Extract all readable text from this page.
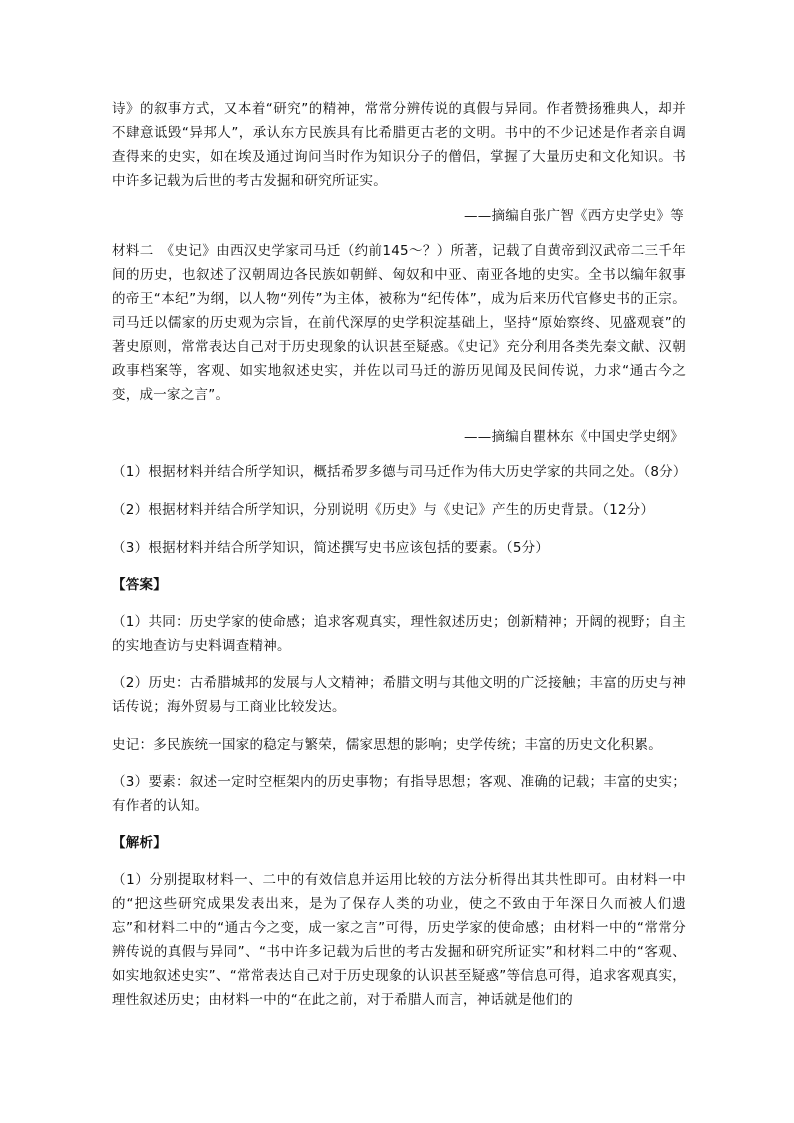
诗》的叙事方式，又本着“研究”的精神，常常分辨传说的真假与异同。作者赞扬雅典人，却并不肆意诋毁“异邦人”，承认东方民族具有比希腊更古老的文明。书中的不少记述是作者亲自调查得来的史实，如在埃及通过询问当时作为知识分子的僧侣，掌握了大量历史和文化知识。书中许多记载为后世的考古发掘和研究所证实。

——摘编自张广智《西方史学史》等

材料二　《史记》由西汉史学家司马迁（约前145～？）所著，记载了自黄帝到汉武帝二三千年间的历史，也叙述了汉朝周边各民族如朝鲜、匈奴和中亚、南亚各地的史实。全书以编年叙事的帝王“本纪”为纲，以人物“列传”为主体，被称为“纪传体”，成为后来历代官修史书的正宗。司马迁以儒家的历史观为宗旨，在前代深厚的史学积淀基础上，坚持“原始察终、见盛观衰”的著史原则，常常表达自己对于历史现象的认识甚至疑惑。《史记》充分利用各类先秦文献、汉朝政事档案等，客观、如实地叙述史实，并佐以司马迁的游历见闻及民间传说，力求“通古今之变，成一家之言”。

——摘编自瞿林东《中国史学史纲》

（1）根据材料并结合所学知识，概括希罗多德与司马迁作为伟大历史学家的共同之处。（8分）

（2）根据材料并结合所学知识，分别说明《历史》与《史记》产生的历史背景。（12分）

（3）根据材料并结合所学知识，简述撰写史书应该包括的要素。（5分）

【答案】

（1）共同：历史学家的使命感；追求客观真实，理性叙述历史；创新精神；开阔的视野；自主的实地查访与史料调查精神。

（2）历史：古希腊城邦的发展与人文精神；希腊文明与其他文明的广泛接触；丰富的历史与神话传说；海外贸易与工商业比较发达。

史记：多民族统一国家的稳定与繁荣，儒家思想的影响；史学传统；丰富的历史文化积累。

（3）要素：叙述一定时空框架内的历史事物；有指导思想；客观、准确的记载；丰富的史实；有作者的认知。

【解析】

（1）分别提取材料一、二中的有效信息并运用比较的方法分析得出其共性即可。由材料一中的“把这些研究成果发表出来，是为了保存人类的功业，使之不致由于年深日久而被人们遗忘”和材料二中的“通古今之变，成一家之言”可得，历史学家的使命感；由材料一中的“常常分辨传说的真假与异同”、“书中许多记载为后世的考古发掘和研究所证实”和材料二中的“客观、如实地叙述史实”、“常常表达自己对于历史现象的认识甚至疑惑”等信息可得，追求客观真实，理性叙述历史；由材料一中的“在此之前，对于希腊人而言，神话就是他们的
